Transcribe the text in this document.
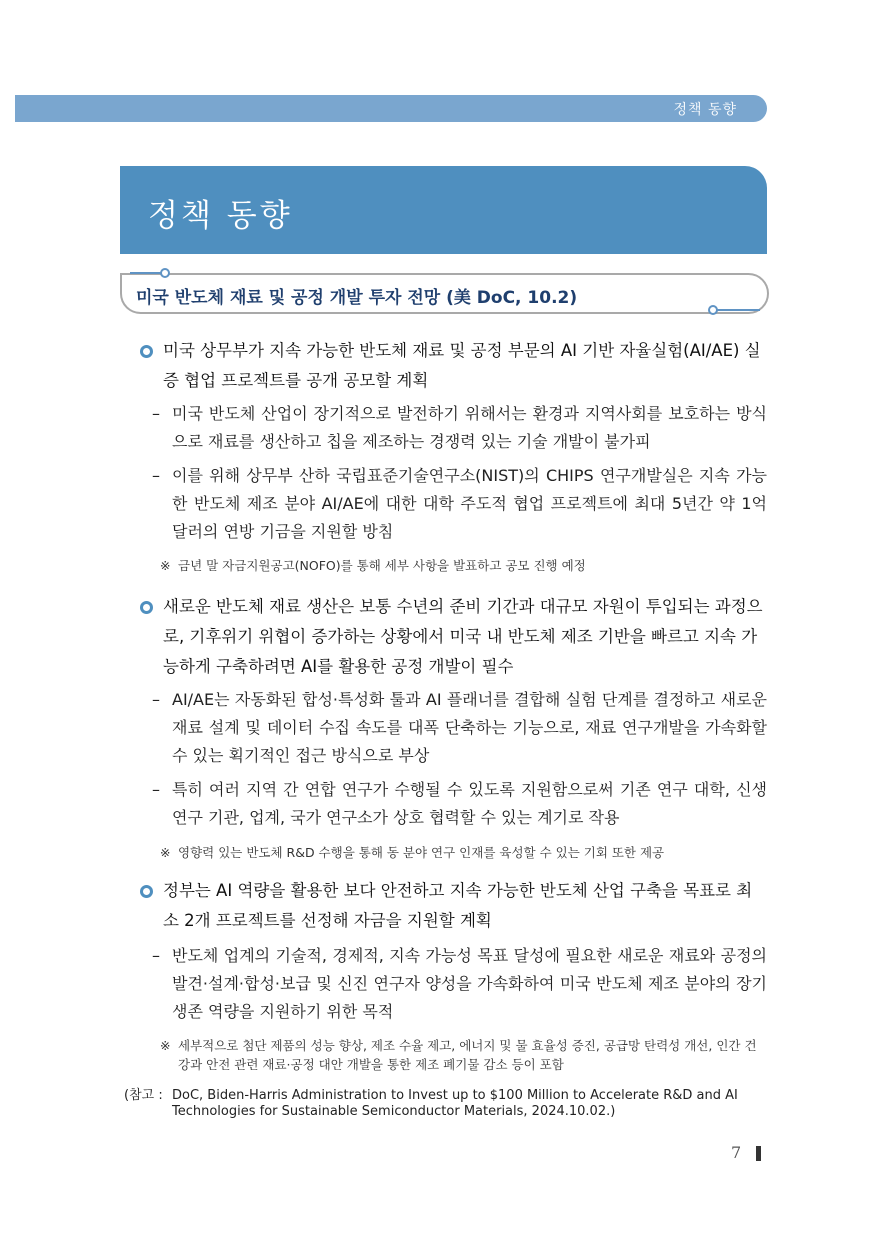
정책 동향
정책 동향
미국 반도체 재료 및 공정 개발 투자 전망 (美 DoC, 10.2)
미국 상무부가 지속 가능한 반도체 재료 및 공정 부문의 AI 기반 자율실험(AI/AE) 실증 협업 프로젝트를 공개 공모할 계획
– 미국 반도체 산업이 장기적으로 발전하기 위해서는 환경과 지역사회를 보호하는 방식으로 재료를 생산하고 칩을 제조하는 경쟁력 있는 기술 개발이 불가피
– 이를 위해 상무부 산하 국립표준기술연구소(NIST)의 CHIPS 연구개발실은 지속 가능한 반도체 제조 분야 AI/AE에 대한 대학 주도적 협업 프로젝트에 최대 5년간 약 1억 달러의 연방 기금을 지원할 방침
※ 금년 말 자금지원공고(NOFO)를 통해 세부 사항을 발표하고 공모 진행 예정
새로운 반도체 재료 생산은 보통 수년의 준비 기간과 대규모 자원이 투입되는 과정으로, 기후위기 위협이 증가하는 상황에서 미국 내 반도체 제조 기반을 빠르고 지속 가능하게 구축하려면 AI를 활용한 공정 개발이 필수
– AI/AE는 자동화된 합성·특성화 툴과 AI 플래너를 결합해 실험 단계를 결정하고 새로운 재료 설계 및 데이터 수집 속도를 대폭 단축하는 기능으로, 재료 연구개발을 가속화할 수 있는 획기적인 접근 방식으로 부상
– 특히 여러 지역 간 연합 연구가 수행될 수 있도록 지원함으로써 기존 연구 대학, 신생 연구 기관, 업계, 국가 연구소가 상호 협력할 수 있는 계기로 작용
※ 영향력 있는 반도체 R&D 수행을 통해 동 분야 연구 인재를 육성할 수 있는 기회 또한 제공
정부는 AI 역량을 활용한 보다 안전하고 지속 가능한 반도체 산업 구축을 목표로 최소 2개 프로젝트를 선정해 자금을 지원할 계획
– 반도체 업계의 기술적, 경제적, 지속 가능성 목표 달성에 필요한 새로운 재료와 공정의 발견·설계·합성·보급 및 신진 연구자 양성을 가속화하여 미국 반도체 제조 분야의 장기 생존 역량을 지원하기 위한 목적
※ 세부적으로 첨단 제품의 성능 향상, 제조 수율 제고, 에너지 및 물 효율성 증진, 공급망 탄력성 개선, 인간 건강과 안전 관련 재료·공정 대안 개발을 통한 제조 폐기물 감소 등이 포함
(참고 : DoC, Biden-Harris Administration to Invest up to $100 Million to Accelerate R&D and AI Technologies for Sustainable Semiconductor Materials, 2024.10.02.)
7
